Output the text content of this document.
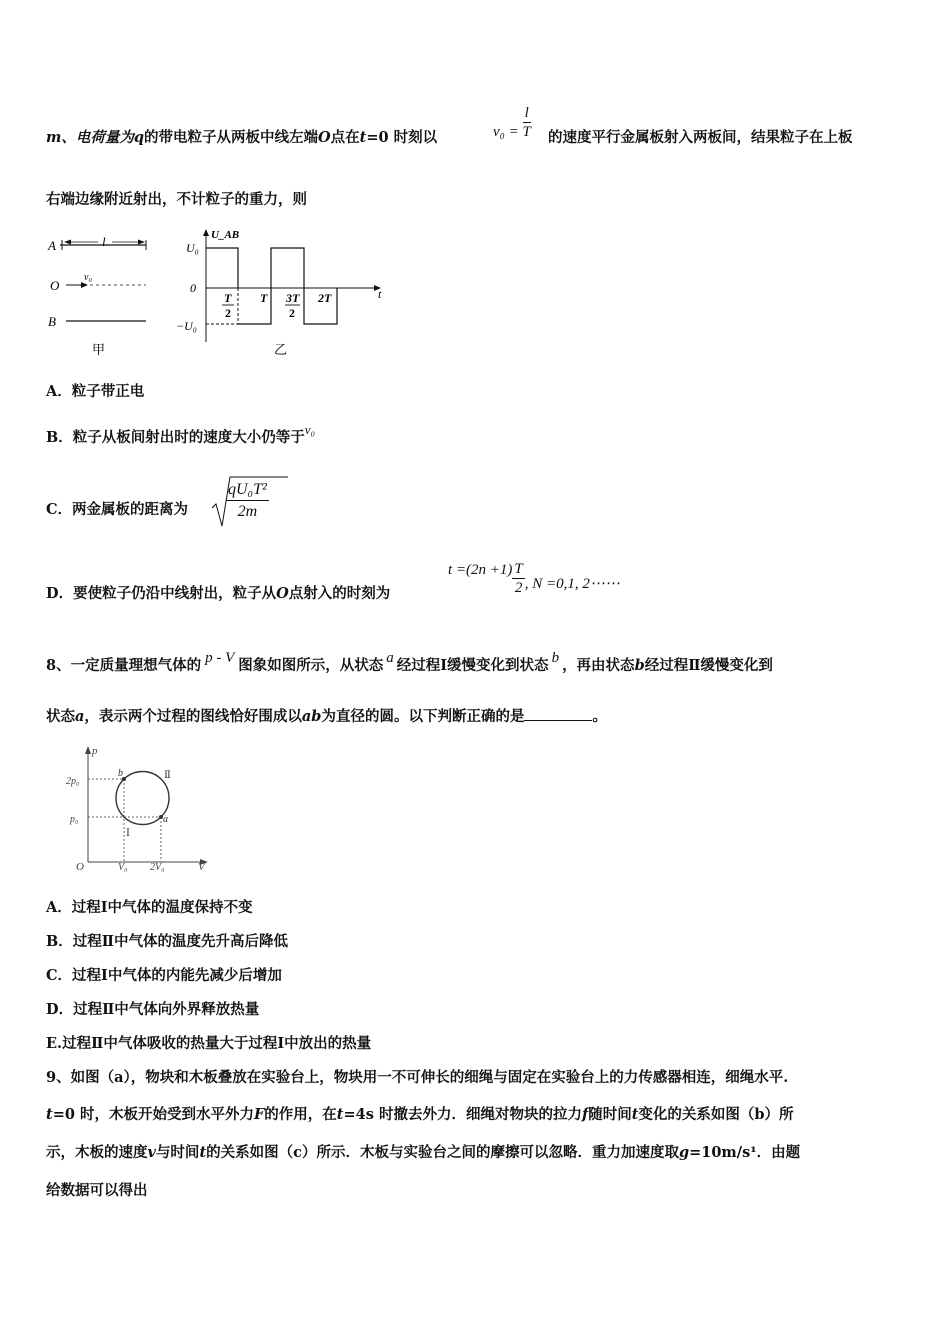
m、电荷量为q的带电粒子从两板中线左端O点在t=0 时刻以	$v_0 = \frac{l}{T}$ 的速度平行金属板射入两板间，结果粒子在上板
右端边缘附近射出，不计粒子的重力，则
A	l
O
v₀
B
甲
U_AB
t
U₀
0
−U₀
T
2
T 3T
2
2T
乙
A．粒子带正电
B．粒子从板间射出时的速度大小仍等于v₀
C．两金属板的距离为 $\frac{\text{qU₀T²}}{2m}$
D．要使粒子仍沿中线射出，粒子从O点射入的时刻为
$t =(2n +1) \frac{T}{2}$ , N =0,1, 2⋯⋯
8、一定质量理想气体的 p - V 图象如图所示，从状态 a 经过程Ⅰ缓慢变化到状态 b ，再由状态b经过程Ⅱ缓慢变化到
状态a，表示两个过程的图线恰好围成以ab为直径的圆。以下判断正确的是	。
p
V
O
2p₀
p₀
V₀ 2V₀
b
a
Ⅰ
Ⅱ
A．过程Ⅰ中气体的温度保持不变
B．过程Ⅱ中气体的温度先升高后降低
C．过程Ⅰ中气体的内能先减少后增加
D．过程Ⅱ中气体向外界释放热量
E.过程Ⅱ中气体吸收的热量大于过程Ⅰ中放出的热量
9、如图（a），物块和木板叠放在实验台上，物块用一不可伸长的细绳与固定在实验台上的力传感器相连，细绳水平.
t=0 时，木板开始受到水平外力F的作用，在t=4s 时撤去外力．细绳对物块的拉力f随时间t变化的关系如图（b）所
示，木板的速度v与时间t的关系如图（c）所示．木板与实验台之间的摩擦可以忽略．重力加速度取g=10m/s¹．由题
给数据可以得出
